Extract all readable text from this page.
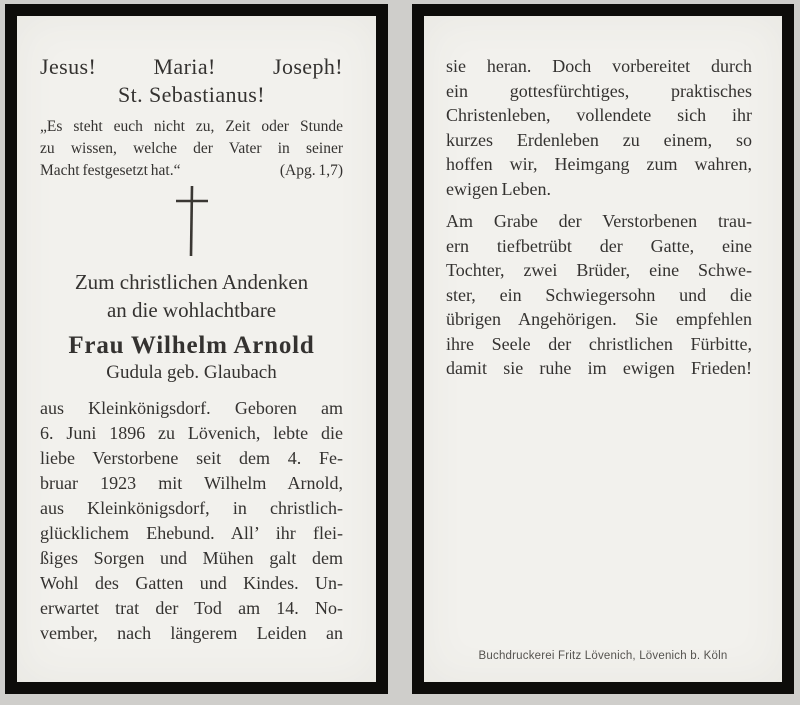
Jesus!	Maria!	Joseph!
St. Sebastianus!
„Es steht euch nicht zu, Zeit oder Stunde
zu wissen, welche der Vater in seiner
Macht festgesetzt hat.“	(Apg. 1,7)
Zum christlichen Andenken
an die wohlachtbare
Frau Wilhelm Arnold
Gudula geb. Glaubach
aus Kleinkönigsdorf. Geboren am
6. Juni 1896 zu Lövenich, lebte die
liebe Verstorbene seit dem 4. Fe-
bruar 1923 mit Wilhelm Arnold,
aus Kleinkönigsdorf, in christlich-
glücklichem Ehebund. All’ ihr flei-
ßiges Sorgen und Mühen galt dem
Wohl des Gatten und Kindes. Un-
erwartet trat der Tod am 14. No-
vember, nach längerem Leiden an
sie heran. Doch vorbereitet durch
ein gottesfürchtiges, praktisches
Christenleben, vollendete sich ihr
kurzes Erdenleben zu einem, so
hoffen wir, Heimgang zum wahren,
ewigen Leben.
Am Grabe der Verstorbenen trau-
ern tiefbetrübt der Gatte, eine
Tochter, zwei Brüder, eine Schwe-
ster, ein Schwiegersohn und die
übrigen Angehörigen. Sie empfehlen
ihre Seele der christlichen Fürbitte,
damit sie ruhe im ewigen Frieden!
Buchdruckerei Fritz Lövenich, Lövenich b. Köln
